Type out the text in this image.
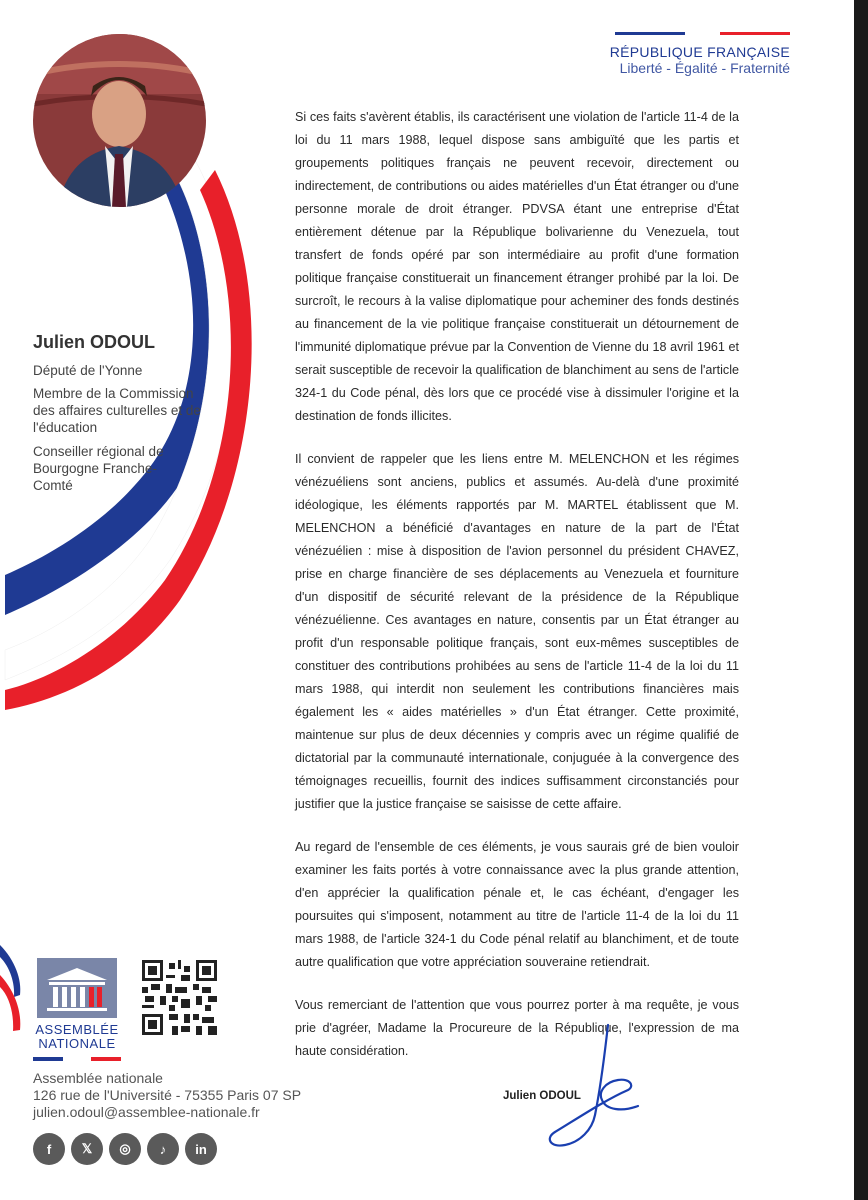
RÉPUBLIQUE FRANÇAISE
Liberté - Égalité - Fraternité
Julien ODOUL
Député de l'Yonne
Membre de la Commission des affaires culturelles et de l'éducation
Conseiller régional de Bourgogne Franche-Comté

Si ces faits s'avèrent établis, ils caractérisent une violation de l'article 11-4 de la loi du 11 mars 1988, lequel dispose sans ambiguïté que les partis et groupements politiques français ne peuvent recevoir, directement ou indirectement, de contributions ou aides matérielles d'un État étranger ou d'une personne morale de droit étranger. PDVSA étant une entreprise d'État entièrement détenue par la République bolivarienne du Venezuela, tout transfert de fonds opéré par son intermédiaire au profit d'une formation politique française constituerait un financement étranger prohibé par la loi. De surcroît, le recours à la valise diplomatique pour acheminer des fonds destinés au financement de la vie politique française constituerait un détournement de l'immunité diplomatique prévue par la Convention de Vienne du 18 avril 1961 et serait susceptible de recevoir la qualification de blanchiment au sens de l'article 324-1 du Code pénal, dès lors que ce procédé vise à dissimuler l'origine et la destination de fonds illicites.

Il convient de rappeler que les liens entre M. MELENCHON et les régimes vénézuéliens sont anciens, publics et assumés. Au-delà d'une proximité idéologique, les éléments rapportés par M. MARTEL établissent que M. MELENCHON a bénéficié d'avantages en nature de la part de l'État vénézuélien : mise à disposition de l'avion personnel du président CHAVEZ, prise en charge financière de ses déplacements au Venezuela et fourniture d'un dispositif de sécurité relevant de la présidence de la République vénézuélienne. Ces avantages en nature, consentis par un État étranger au profit d'un responsable politique français, sont eux-mêmes susceptibles de constituer des contributions prohibées au sens de l'article 11-4 de la loi du 11 mars 1988, qui interdit non seulement les contributions financières mais également les « aides matérielles » d'un État étranger. Cette proximité, maintenue sur plus de deux décennies y compris avec un régime qualifié de dictatorial par la communauté internationale, conjuguée à la convergence des témoignages recueillis, fournit des indices suffisamment circonstanciés pour justifier que la justice française se saisisse de cette affaire.

Au regard de l'ensemble de ces éléments, je vous saurais gré de bien vouloir examiner les faits portés à votre connaissance avec la plus grande attention, d'en apprécier la qualification pénale et, le cas échéant, d'engager les poursuites qui s'imposent, notamment au titre de l'article 11-4 de la loi du 11 mars 1988, de l'article 324-1 du Code pénal relatif au blanchiment, et de toute autre qualification que votre appréciation souveraine retiendrait.

Vous remerciant de l'attention que vous pourrez porter à ma requête, je vous prie d'agréer, Madame la Procureure de la République, l'expression de ma haute considération.

ASSEMBLÉE
NATIONALE
Assemblée nationale
126 rue de l'Université - 75355 Paris 07 SP
julien.odoul@assemblee-nationale.fr
f	𝕏	◎	♪	in
Julien ODOUL
